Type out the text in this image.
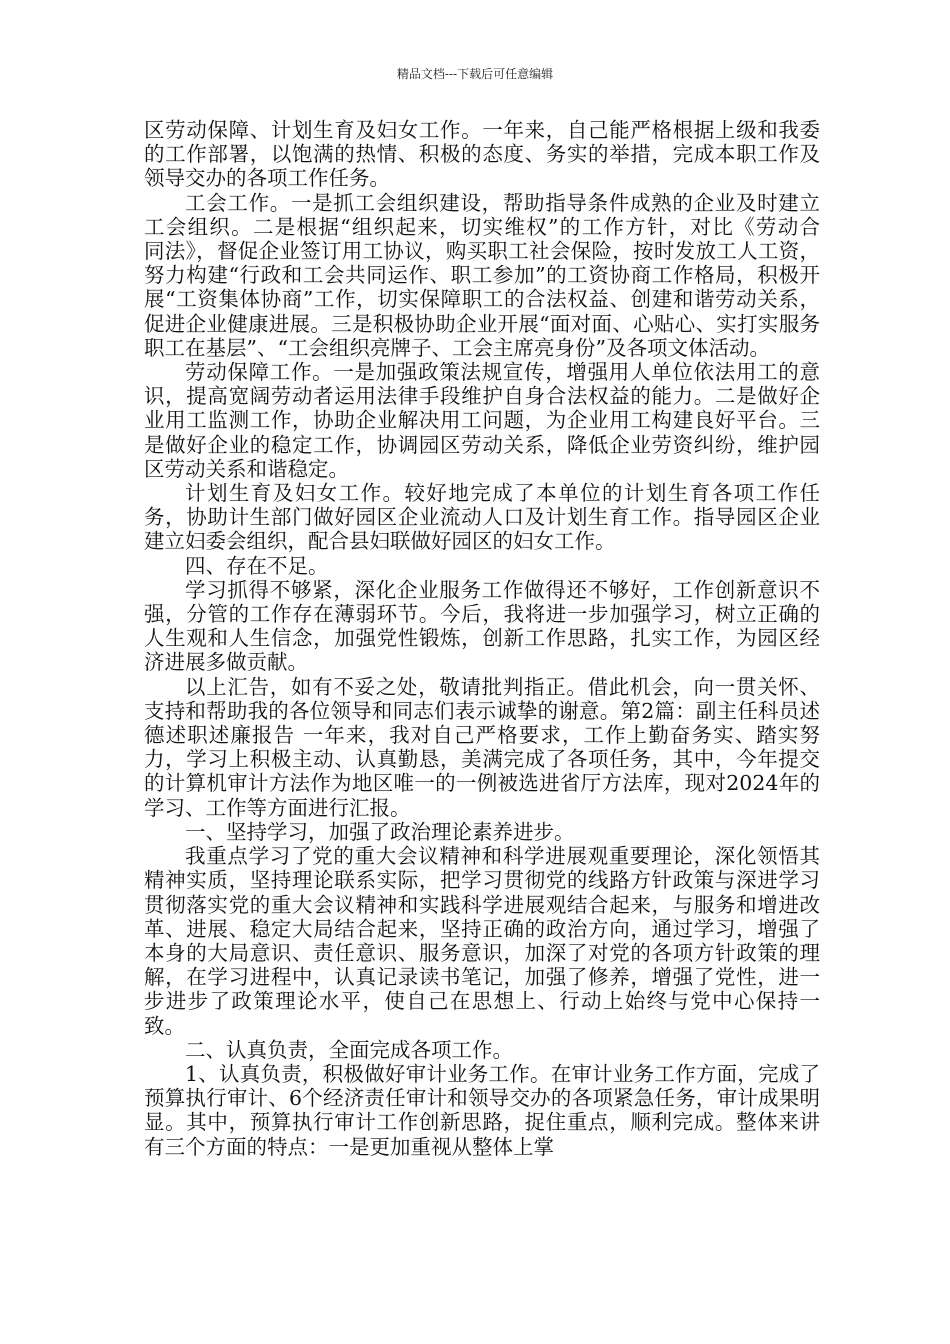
精品文档---下载后可任意编辑

区劳动保障、计划生育及妇女工作。一年来，自己能严格根据上级和我委的工作部署，以饱满的热情、积极的态度、务实的举措，完成本职工作及领导交办的各项工作任务。

工会工作。一是抓工会组织建设，帮助指导条件成熟的企业及时建立工会组织。二是根据“组织起来，切实维权”的工作方针，对比《劳动合　同法》，督促企业签订用工协议，购买职工社会保险，按时发放工人工资，努力构建“行政和工会共同运作、职工参加”的工资协商工作格局，积极开展“工资集体协商”工作，切实保障职工的合法权益、创建和谐劳动关系，促进企业健康进展。三是积极协助企业开展“面对面、心贴心、实打实服务职工在基层”、“工会组织亮牌子、工会主席亮身份”及各项文体活动。

劳动保障工作。一是加强政策法规宣传，增强用人单位依法用工的意识，提高宽阔劳动者运用法律手段维护自身合法权益的能力。二是做好企业用工监测工作，协助企业解决用工问题，为企业用工构建良好平台。三是做好企业的稳定工作，协调园区劳动关系，降低企业劳资纠纷，维护园区劳动关系和谐稳定。

计划生育及妇女工作。较好地完成了本单位的计划生育各项工作任务，协助计生部门做好园区企业流动人口及计划生育工作。指导园区企业建立妇委会组织，配合县妇联做好园区的妇女工作。

四、存在不足。

学习抓得不够紧，深化企业服务工作做得还不够好，工作创新意识不强，分管的工作存在薄弱环节。今后，我将进一步加强学习，树立正确的人生观和人生信念，加强党性锻炼，创新工作思路，扎实工作，为园区经济进展多做贡献。

以上汇告，如有不妥之处，敬请批判指正。借此机会，向一贯关怀、支持和帮助我的各位领导和同志们表示诚挚的谢意。第2篇：副主任科员述德述职述廉报告 一年来，我对自己严格要求，工作上勤奋务实、踏实努力，学习上积极主动、认真勤恳，美满完成了各项任务，其中，今年提交的计算机审计方法作为地区唯一的一例被选进省厅方法库，现对2024年的学习、工作等方面进行汇报。

一、坚持学习，加强了政治理论素养进步。

我重点学习了党的重大会议精神和科学进展观重要理论，深化领悟其精神实质，坚持理论联系实际，把学习贯彻党的线路方针政策与深进学习贯彻落实党的重大会议精神和实践科学进展观结合起来，与服务和增进改革、进展、稳定大局结合起来，坚持正确的政治方向，通过学习，增强了本身的大局意识、责任意识、服务意识，加深了对党的各项方针政策的理解，在学习进程中，认真记录读书笔记，加强了修养，增强了党性，进一步进步了政策理论水平，使自己在思想上、行动上始终与党中心保持一致。

二、认真负责，全面完成各项工作。

1、认真负责，积极做好审计业务工作。在审计业务工作方面，完成了预算执行审计、6个经济责任审计和领导交办的各项紧急任务，审计成果明显。其中，预算执行审计工作创新思路，捉住重点，顺利完成。整体来讲有三个方面的特点：一是更加重视从整体上掌
